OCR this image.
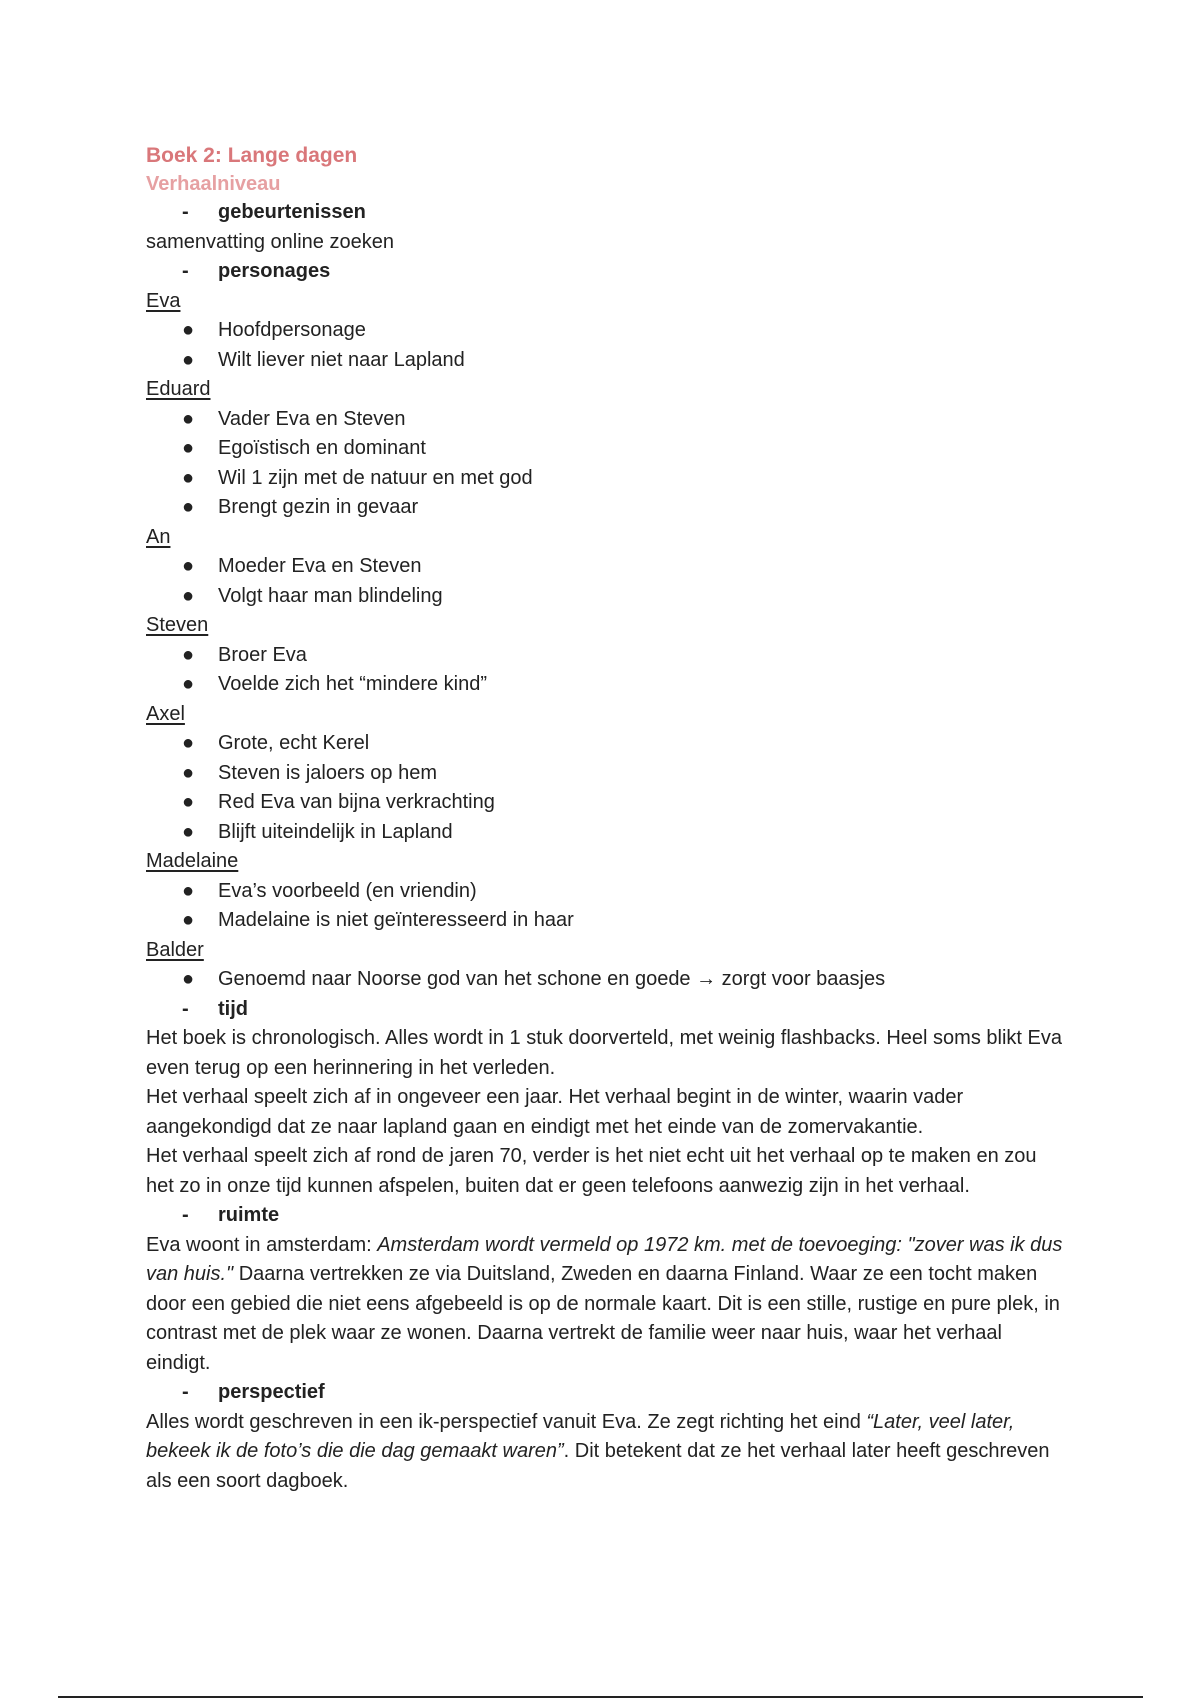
Boek 2: Lange dagen
Verhaalniveau
-	gebeurtenissen

samenvatting online zoeken

-	personages
Eva
●	Hoofdpersonage
●	Wilt liever niet naar Lapland
Eduard
●	Vader Eva en Steven
●	Egoïstisch en dominant
●	Wil 1 zijn met de natuur en met god
●	Brengt gezin in gevaar
An
●	Moeder Eva en Steven
●	Volgt haar man blindeling
Steven
●	Broer Eva
●	Voelde zich het “mindere kind”
Axel
●	Grote, echt Kerel
●	Steven is jaloers op hem
●	Red Eva van bijna verkrachting
●	Blijft uiteindelijk in Lapland
Madelaine
●	Eva’s voorbeeld (en vriendin)
●	Madelaine is niet geïnteresseerd in haar
Balder
●	Genoemd naar Noorse god van het schone en goede → zorgt voor baasjes
-	tijd

Het boek is chronologisch. Alles wordt in 1 stuk doorverteld, met weinig flashbacks. Heel soms blikt Eva even terug op een herinnering in het verleden.

Het verhaal speelt zich af in ongeveer een jaar. Het verhaal begint in de winter, waarin vader aangekondigd dat ze naar lapland gaan en eindigt met het einde van de zomervakantie.

Het verhaal speelt zich af rond de jaren 70, verder is het niet echt uit het verhaal op te maken en zou het zo in onze tijd kunnen afspelen, buiten dat er geen telefoons aanwezig zijn in het verhaal.

-	ruimte

Eva woont in amsterdam: Amsterdam wordt vermeld op 1972 km. met de toevoeging: "zover was ik dus van huis." Daarna vertrekken ze via Duitsland, Zweden en daarna Finland. Waar ze een tocht maken door een gebied die niet eens afgebeeld is op de normale kaart. Dit is een stille, rustige en pure plek, in contrast met de plek waar ze wonen. Daarna vertrekt de familie weer naar huis, waar het verhaal eindigt.

-	perspectief

Alles wordt geschreven in een ik-perspectief vanuit Eva. Ze zegt richting het eind “Later, veel later, bekeek ik de foto’s die die dag gemaakt waren”. Dit betekent dat ze het verhaal later heeft geschreven als een soort dagboek.
